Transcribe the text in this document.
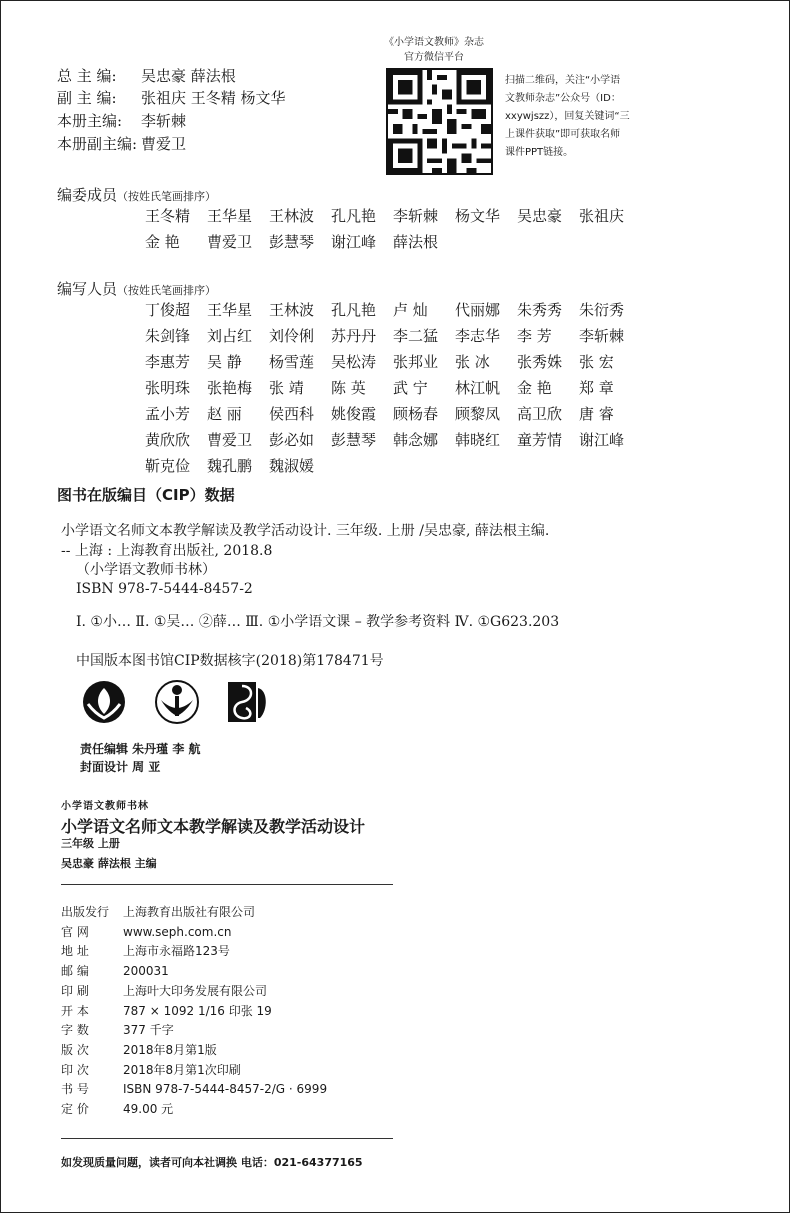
总 主 编: 吴忠豪 薛法根
副 主 编: 张祖庆 王冬精 杨文华
本册主编: 李斩棘
本册副主编: 曹爱卫
《小学语文教师》杂志
官方微信平台
扫描二维码，关注“小学语文教师杂志”公众号（ID：xxywjszz），回复关键词“三上课件获取”即可获取名师课件PPT链接。
编委成员（按姓氏笔画排序）
王冬精	王华星	王林波	孔凡艳	李斩棘	杨文华	吴忠豪	张祖庆
金 艳	曹爱卫	彭慧琴	谢江峰	薛法根
编写人员（按姓氏笔画排序）
丁俊超	王华星	王林波	孔凡艳	卢 灿	代丽娜	朱秀秀	朱衍秀
朱剑锋	刘占红	刘伶俐	苏丹丹	李二猛	李志华	李 芳	李斩棘
李惠芳	吴 静	杨雪莲	吴松涛	张邦业	张 冰	张秀姝	张 宏
张明珠	张艳梅	张 靖	陈 英	武 宁	林江帆	金 艳	郑 章
孟小芳	赵 丽	侯西科	姚俊霞	顾杨春	顾黎凤	高卫欣	唐 睿
黄欣欣	曹爱卫	彭必如	彭慧琴	韩念娜	韩晓红	童芳情	谢江峰
靳克俭	魏孔鹏	魏淑媛
图书在版编目（CIP）数据
小学语文名师文本教学解读及教学活动设计. 三年级. 上册 /吴忠豪, 薛法根主编.
-- 上海 : 上海教育出版社, 2018.8
（小学语文教师书林）
ISBN 978-7-5444-8457-2
Ⅰ. ①小… Ⅱ. ①吴… ②薛… Ⅲ. ①小学语文课 – 教学参考资料 Ⅳ. ①G623.203
中国版本图书馆CIP数据核字(2018)第178471号
责任编辑 朱丹瑾 李 航
封面设计 周 亚
小学语文教师书林
小学语文名师文本教学解读及教学活动设计
三年级 上册
吴忠豪 薛法根 主编
出版发行 上海教育出版社有限公司
官 网	www.seph.com.cn
地 址	上海市永福路123号
邮 编	200031
印 刷	上海叶大印务发展有限公司
开 本	787 × 1092 1/16 印张 19
字 数	377 千字
版 次	2018年8月第1版
印 次	2018年8月第1次印刷
书 号	ISBN 978-7-5444-8457-2/G · 6999
定 价	49.00 元
如发现质量问题，读者可向本社调换 电话：021-64377165
